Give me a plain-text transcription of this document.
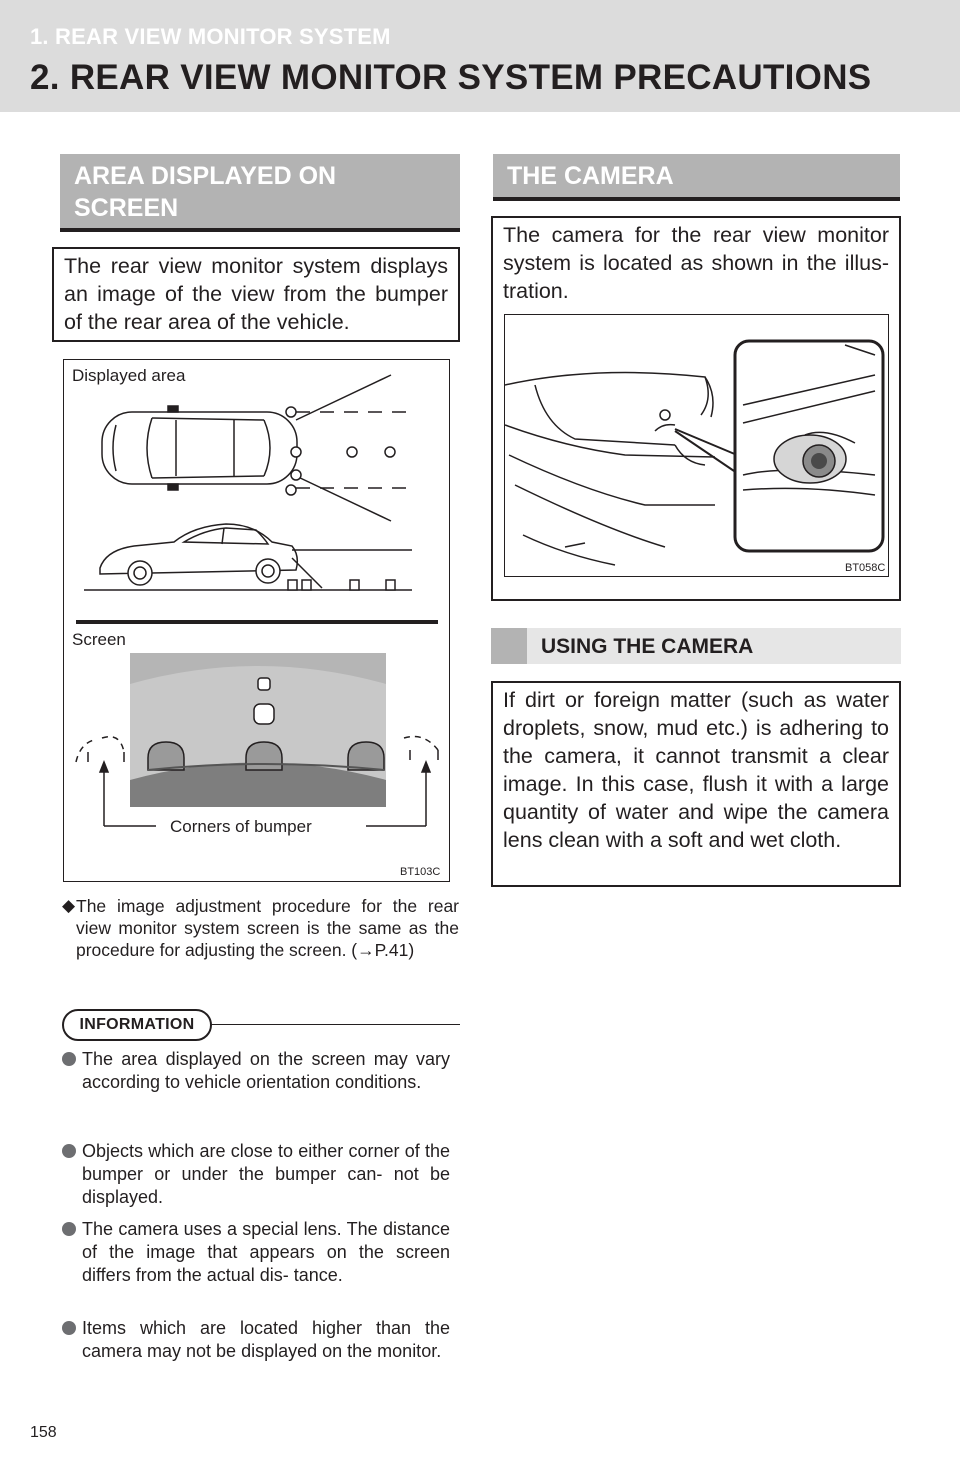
1. REAR VIEW MONITOR SYSTEM
2. REAR VIEW MONITOR SYSTEM PRECAUTIONS
AREA DISPLAYED ON
SCREEN
The rear view monitor system displays an image of the view from the bumper of the rear area of the vehicle.
Displayed area
Screen
Corners of bumper
BT103C
◆ The image adjustment procedure for the rear view monitor system screen is the same as the procedure for adjusting the screen. (→P.41)
INFORMATION
The area displayed on the screen may vary according to vehicle orientation conditions.
Objects which are close to either corner of the bumper or under the bumper can- not be displayed.
The camera uses a special lens. The distance of the image that appears on the screen differs from the actual dis- tance.
Items which are located higher than the camera may not be displayed on the monitor.
THE CAMERA
The camera for the rear view monitor system is located as shown in the illus- tration.
BT058C
USING THE CAMERA
If dirt or foreign matter (such as water droplets, snow, mud etc.) is adhering to the camera, it cannot transmit a clear image. In this case, flush it with a large quantity of water and wipe the camera lens clean with a soft and wet cloth.
158
